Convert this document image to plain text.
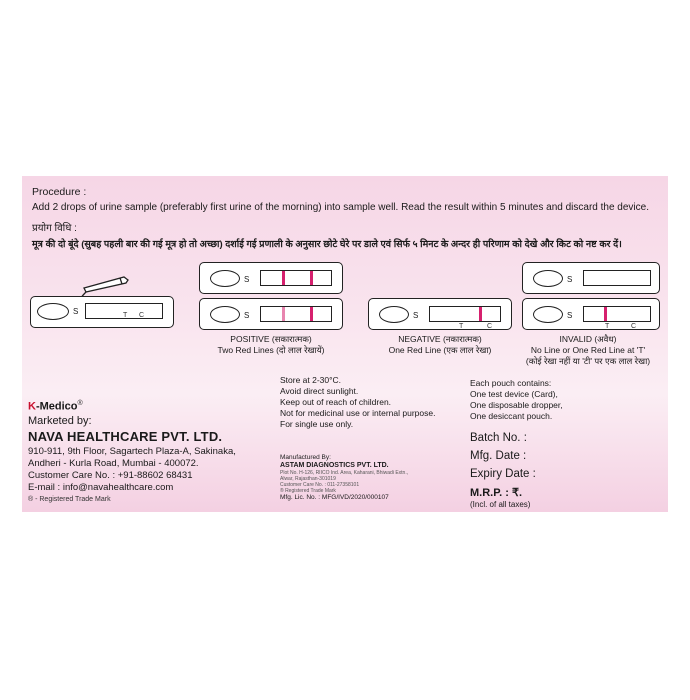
Procedure :
Add 2 drops of urine sample (preferably first urine of the morning) into sample well. Read the result within 5 minutes and discard the device.
प्रयोग विधि :
मूत्र की दो बूंदे (सुबह पहली बार की गई मूत्र हो तो अच्छा) दर्शाई गई प्रणाली के अनुसार छोटे घेरे पर डाले एवं सिर्फ ५ मिनट के अन्दर ही परिणाम को देखे और किट को नष्ट कर दें।
S	T C
S
S
POSITIVE (सकारात्मक)
Two Red Lines (दो लाल रेखायें)
S
T	C
NEGATIVE (नकारात्मक)
One Red Line (एक लाल रेखा)
S
S
T	C
INVALID (अवैध)
No Line or One Red Line at 'T'
(कोई रेखा नहीं या 'टी' पर एक लाल रेखा)
K-Medico®
Marketed by:
NAVA HEALTHCARE PVT. LTD.
910-911, 9th Floor, Sagartech Plaza-A, Sakinaka,
Andheri - Kurla Road, Mumbai - 400072.
Customer Care No. : +91-88602 68431
E-mail : info@navahealthcare.com
® - Registered Trade Mark
Store at 2-30°C.
Avoid direct sunlight.
Keep out of reach of children.
Not for medicinal use or internal purpose.
For single use only.
Manufactured By:
ASTAM DIAGNOSTICS PVT. LTD.
Plot No. H-126, RIICO Ind. Area, Kaharani, Bhiwadi Extn.,
Alwar, Rajasthan-301019
Customer Care No. : 011-27358101
® Registered Trade Mark
Mfg. Lic. No. : MFG/IVD/2020/000107
Each pouch contains:
One test device (Card),
One disposable dropper,
One desiccant pouch.
Batch No. :
Mfg. Date :
Expiry Date :
M.R.P. : ₹.
(Incl. of all taxes)
